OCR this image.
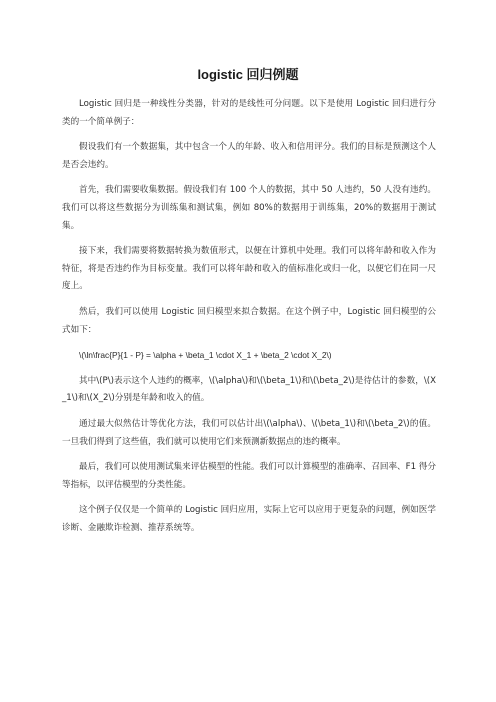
logistic 回归例题

Logistic 回归是一种线性分类器，针对的是线性可分问题。以下是使用 Logistic 回归进行分类的一个简单例子：

假设我们有一个数据集，其中包含一个人的年龄、收入和信用评分。我们的目标是预测这个人是否会违约。

首先，我们需要收集数据。假设我们有 100 个人的数据，其中 50 人违约，50 人没有违约。我们可以将这些数据分为训练集和测试集，例如 80%的数据用于训练集，20%的数据用于测试集。

接下来，我们需要将数据转换为数值形式，以便在计算机中处理。我们可以将年龄和收入作为特征，将是否违约作为目标变量。我们可以将年龄和收入的值标准化或归一化，以便它们在同一尺度上。

然后，我们可以使用 Logistic 回归模型来拟合数据。在这个例子中，Logistic 回归模型的公式如下：

\(\ln\frac{P}{1 - P} = \alpha + \beta_1 \cdot X_1 + \beta_2 \cdot X_2\)

其中\(P\)表示这个人违约的概率，\(\alpha\)和\(\beta_1\)和\(\beta_2\)是待估计的参数，\(X_1\)和\(X_2\)分别是年龄和收入的值。

通过最大似然估计等优化方法，我们可以估计出\(\alpha\)、\(\beta_1\)和\(\beta_2\)的值。一旦我们得到了这些值，我们就可以使用它们来预测新数据点的违约概率。

最后，我们可以使用测试集来评估模型的性能。我们可以计算模型的准确率、召回率、F1 得分等指标，以评估模型的分类性能。

这个例子仅仅是一个简单的 Logistic 回归应用，实际上它可以应用于更复杂的问题，例如医学诊断、金融欺诈检测、推荐系统等。
